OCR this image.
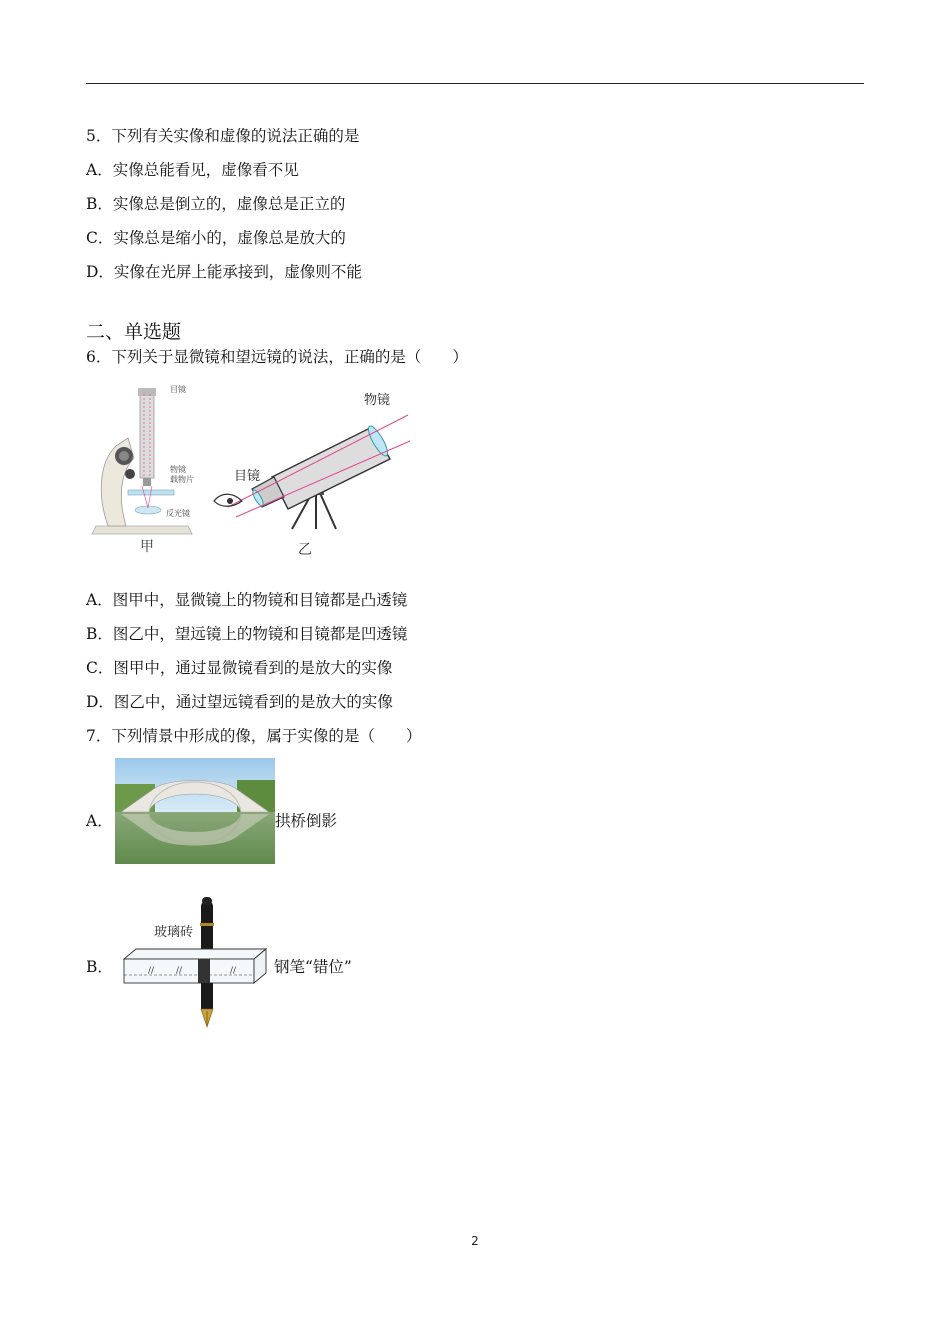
5．下列有关实像和虚像的说法正确的是
A．实像总能看见，虚像看不见
B．实像总是倒立的，虚像总是正立的
C．实像总是缩小的，虚像总是放大的
D．实像在光屏上能承接到，虚像则不能
二、单选题
6．下列关于显微镜和望远镜的说法，正确的是（　　）
目镜
物镜
载物片
反光镜
甲
物镜
目镜
乙
A．图甲中，显微镜上的物镜和目镜都是凸透镜
B．图乙中，望远镜上的物镜和目镜都是凹透镜
C．图甲中，通过显微镜看到的是放大的实像
D．图乙中，通过望远镜看到的是放大的实像
7．下列情景中形成的像，属于实像的是（　　）
A．	拱桥倒影
B．	// //	//
玻璃砖
钢笔“错位”
2
